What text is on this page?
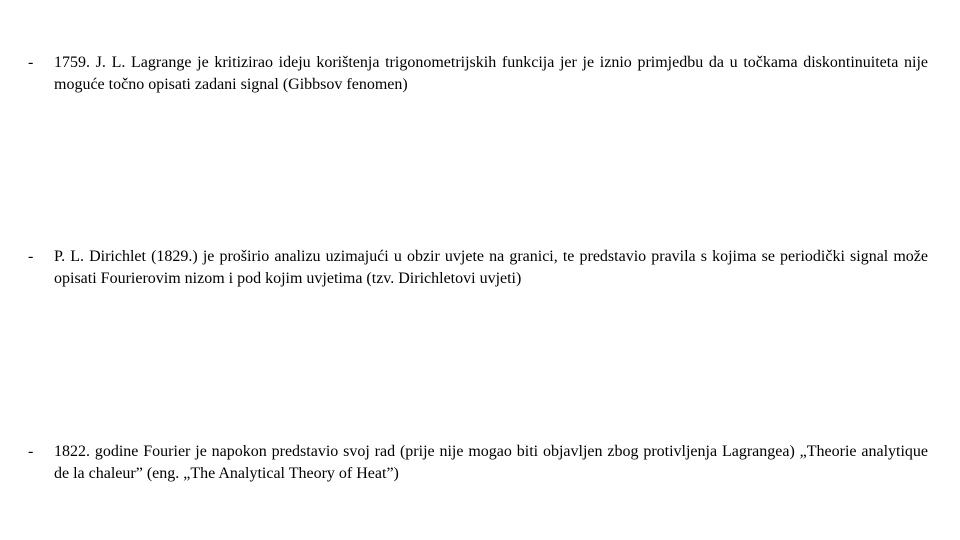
-	1759. J. L. Lagrange je kritizirao ideju korištenja trigonometrijskih funkcija jer je iznio primjedbu da u točkama diskontinuiteta nije moguće točno opisati zadani signal (Gibbsov fenomen)
-	P. L. Dirichlet (1829.) je proširio analizu uzimajući u obzir uvjete na granici, te predstavio pravila s kojima se periodički signal može opisati Fourierovim nizom i pod kojim uvjetima (tzv. Dirichletovi uvjeti)
-	1822. godine Fourier je napokon predstavio svoj rad (prije nije mogao biti objavljen zbog protivljenja Lagrangea) „Theorie analytique de la chaleur” (eng. „The Analytical Theory of Heat”)
